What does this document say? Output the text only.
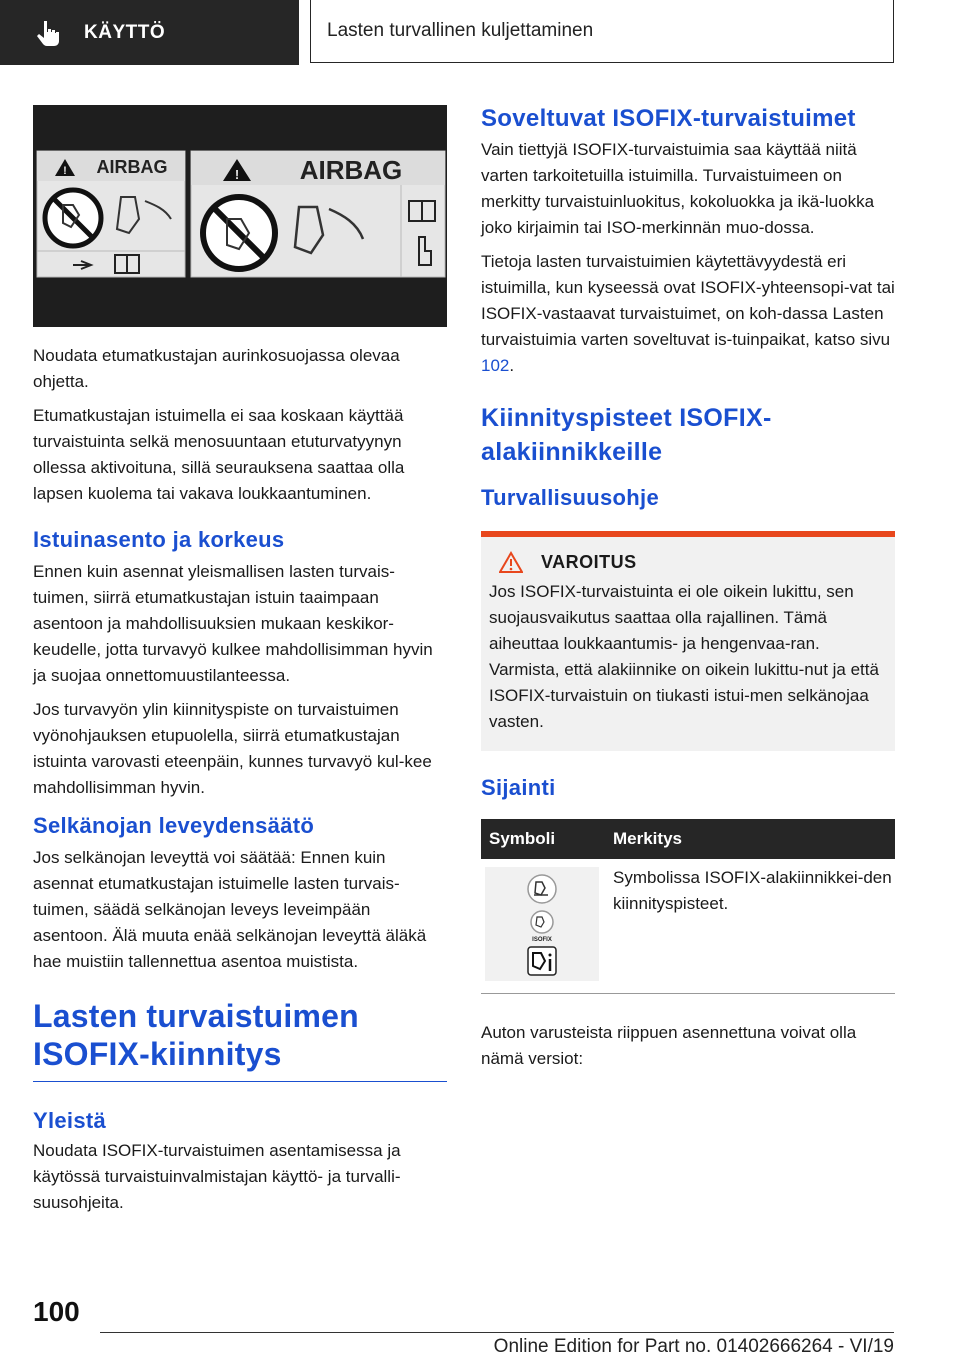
KÄYTTÖ	Lasten turvallinen kuljettaminen
! AIRBAG	! AIRBAG

Noudata etumatkustajan aurinkosuojassa olevaa ohjetta.

Etumatkustajan istuimella ei saa koskaan käyttää turvaistuinta selkä menosuuntaan etuturvatyynyn ollessa aktivoituna, sillä seurauksena saattaa olla lapsen kuolema tai vakava loukkaantuminen.

Istuinasento ja korkeus

Ennen kuin asennat yleismallisen lasten turvais‐tuimen, siirrä etumatkustajan istuin taaimpaan asentoon ja mahdollisuuksien mukaan keskikor‐keudelle, jotta turvavyö kulkee mahdollisimman hyvin ja suojaa onnettomuustilanteessa.

Jos turvavyön ylin kiinnityspiste on turvaistuimen vyönohjauksen etupuolella, siirrä etumatkustajan istuinta varovasti eteenpäin, kunnes turvavyö kul‐kee mahdollisimman hyvin.

Selkänojan leveydensäätö

Jos selkänojan leveyttä voi säätää: Ennen kuin asennat etumatkustajan istuimelle lasten turvais‐tuimen, säädä selkänojan leveys leveimpään asentoon. Älä muuta enää selkänojan leveyttä äläkä hae muistiin tallennettua asentoa muistista.

Lasten turvaistuimen
ISOFIX-kiinnitys
Yleistä

Noudata ISOFIX-turvaistuimen asentamisessa ja käytössä turvaistuinvalmistajan käyttö- ja turvalli‐suusohjeita.

Soveltuvat ISOFIX-turvaistuimet

Vain tiettyjä ISOFIX-turvaistuimia saa käyttää niitä varten tarkoitetuilla istuimilla. Turvaistuimeen on merkitty turvaistuinluokitus, kokoluokka ja ikä‐luokka joko kirjaimin tai ISO-merkinnän muo‐dossa.

Tietoja lasten turvaistuimien käytettävyydestä eri istuimilla, kun kyseessä ovat ISOFIX-yhteensopi‐vat tai ISOFIX-vastaavat turvaistuimet, on koh‐dassa Lasten turvaistuimia varten soveltuvat is‐tuinpaikat, katso sivu 102.

Kiinnityspisteet ISOFIX-
alakiinnikkeille
Turvallisuusohje
VAROITUS

Jos ISOFIX-turvaistuinta ei ole oikein lukittu, sen suojausvaikutus saattaa olla rajallinen. Tämä aiheuttaa loukkaantumis- ja hengenvaa‐ran. Varmista, että alakiinnike on oikein lukittu‐nut ja että ISOFIX-turvaistuin on tiukasti istui‐men selkänojaa vasten.

Sijainti
Symboli	Merkitys

ISOFIX	Symbolissa ISOFIX-alakiinnikkei‐den kiinnityspisteet.

Auton varusteista riippuen asennettuna voivat olla nämä versiot:

100
Online Edition for Part no. 01402666264 - VI/19
